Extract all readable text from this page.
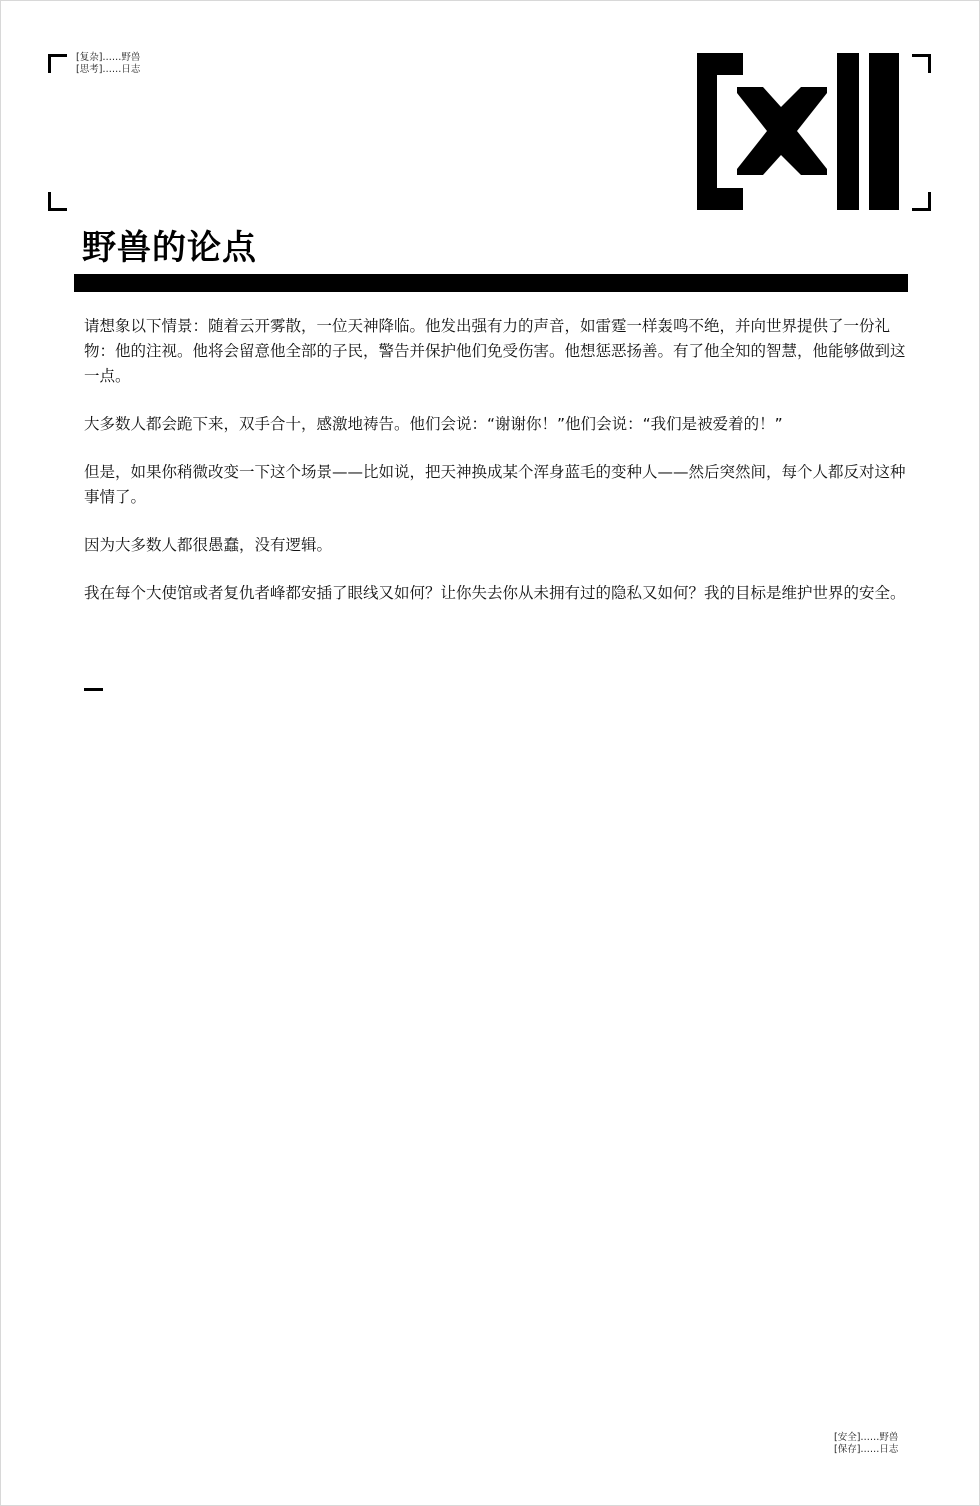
[复杂]……野兽
[思考]……日志
野兽的论点

请想象以下情景：随着云开雾散，一位天神降临。他发出强有力的声音，如雷霆一样轰鸣不绝，并向世界提供了一份礼物：他的注视。他将会留意他全部的子民，警告并保护他们免受伤害。他想惩恶扬善。有了他全知的智慧，他能够做到这一点。

大多数人都会跪下来，双手合十，感激地祷告。他们会说：“谢谢你！”他们会说：“我们是被爱着的！”

但是，如果你稍微改变一下这个场景——比如说，把天神换成某个浑身蓝毛的变种人——然后突然间，每个人都反对这种事情了。

因为大多数人都很愚蠢，没有逻辑。

我在每个大使馆或者复仇者峰都安插了眼线又如何？让你失去你从未拥有过的隐私又如何？我的目标是维护世界的安全。

[安全]……野兽
[保存]……日志
